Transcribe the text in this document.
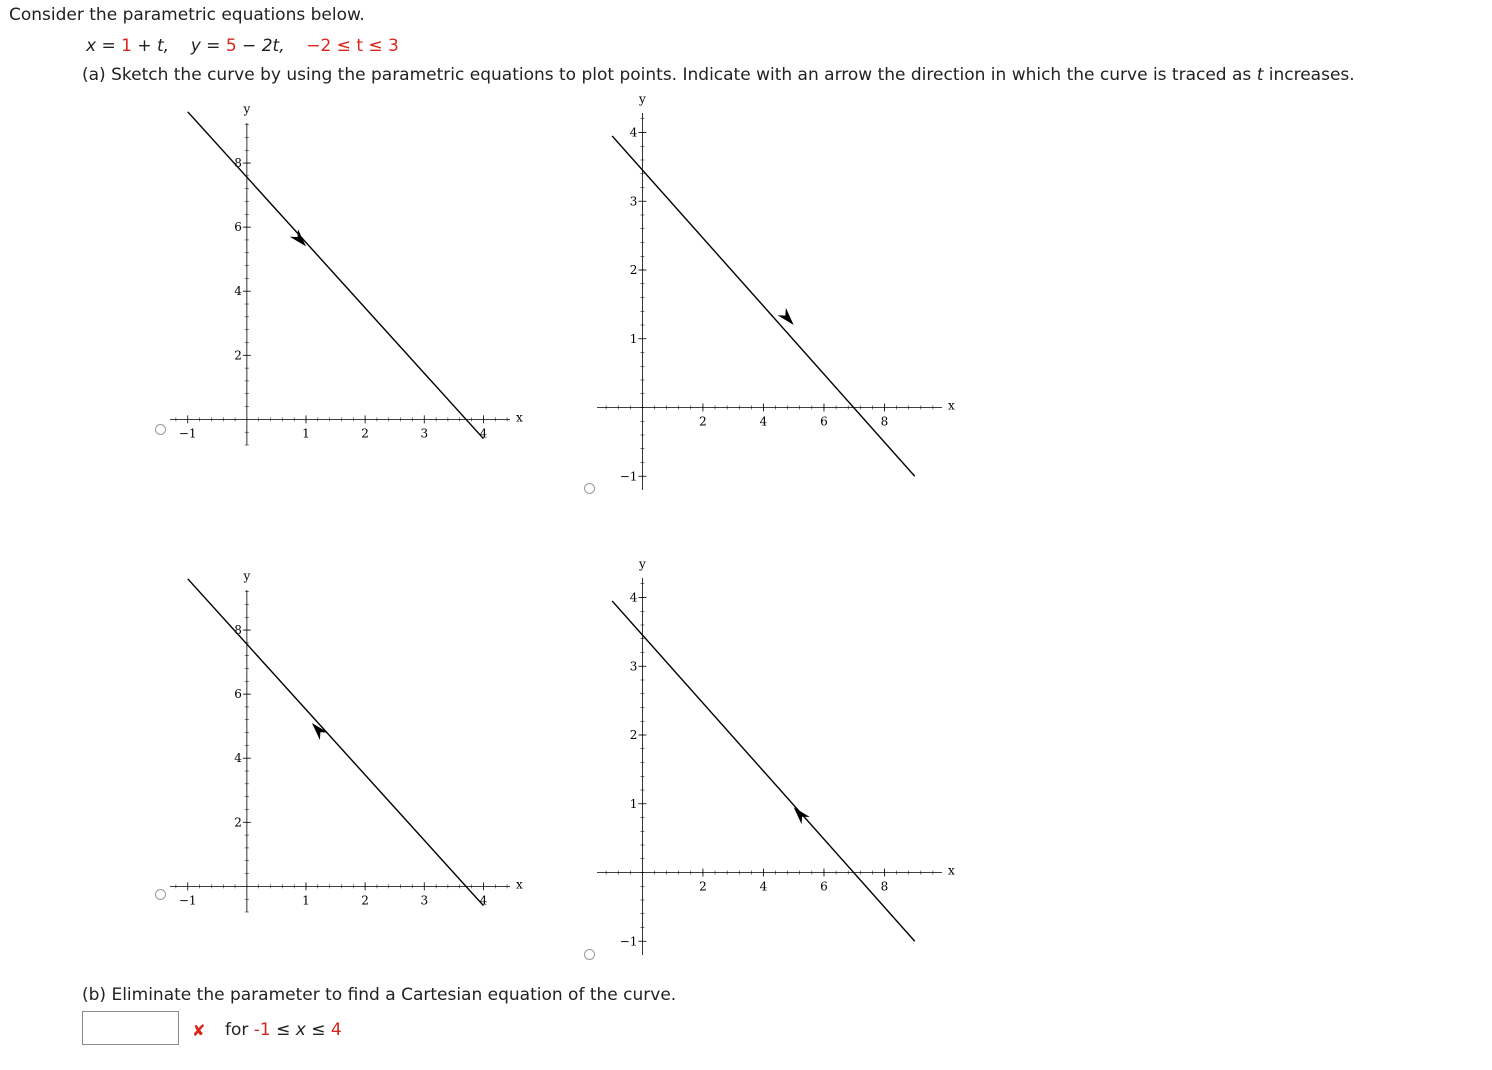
Consider the parametric equations below.
x = 1 + t, y = 5 − 2t, −2 ≤ t ≤ 3
(a) Sketch the curve by using the parametric equations to plot points. Indicate with an arrow the direction in which the curve is traced as t increases.
−1	1	2	3	4
2
4
6
8
x
y
2	4	6	8
−1
1
2
3
4
x
y
−1	1	2	3	4
2
4
6
8
x
y
2	4	6	8
−1
1
2
3
4
x
y
(b) Eliminate the parameter to find a Cartesian equation of the curve.
✘ for -1 ≤ x ≤ 4
